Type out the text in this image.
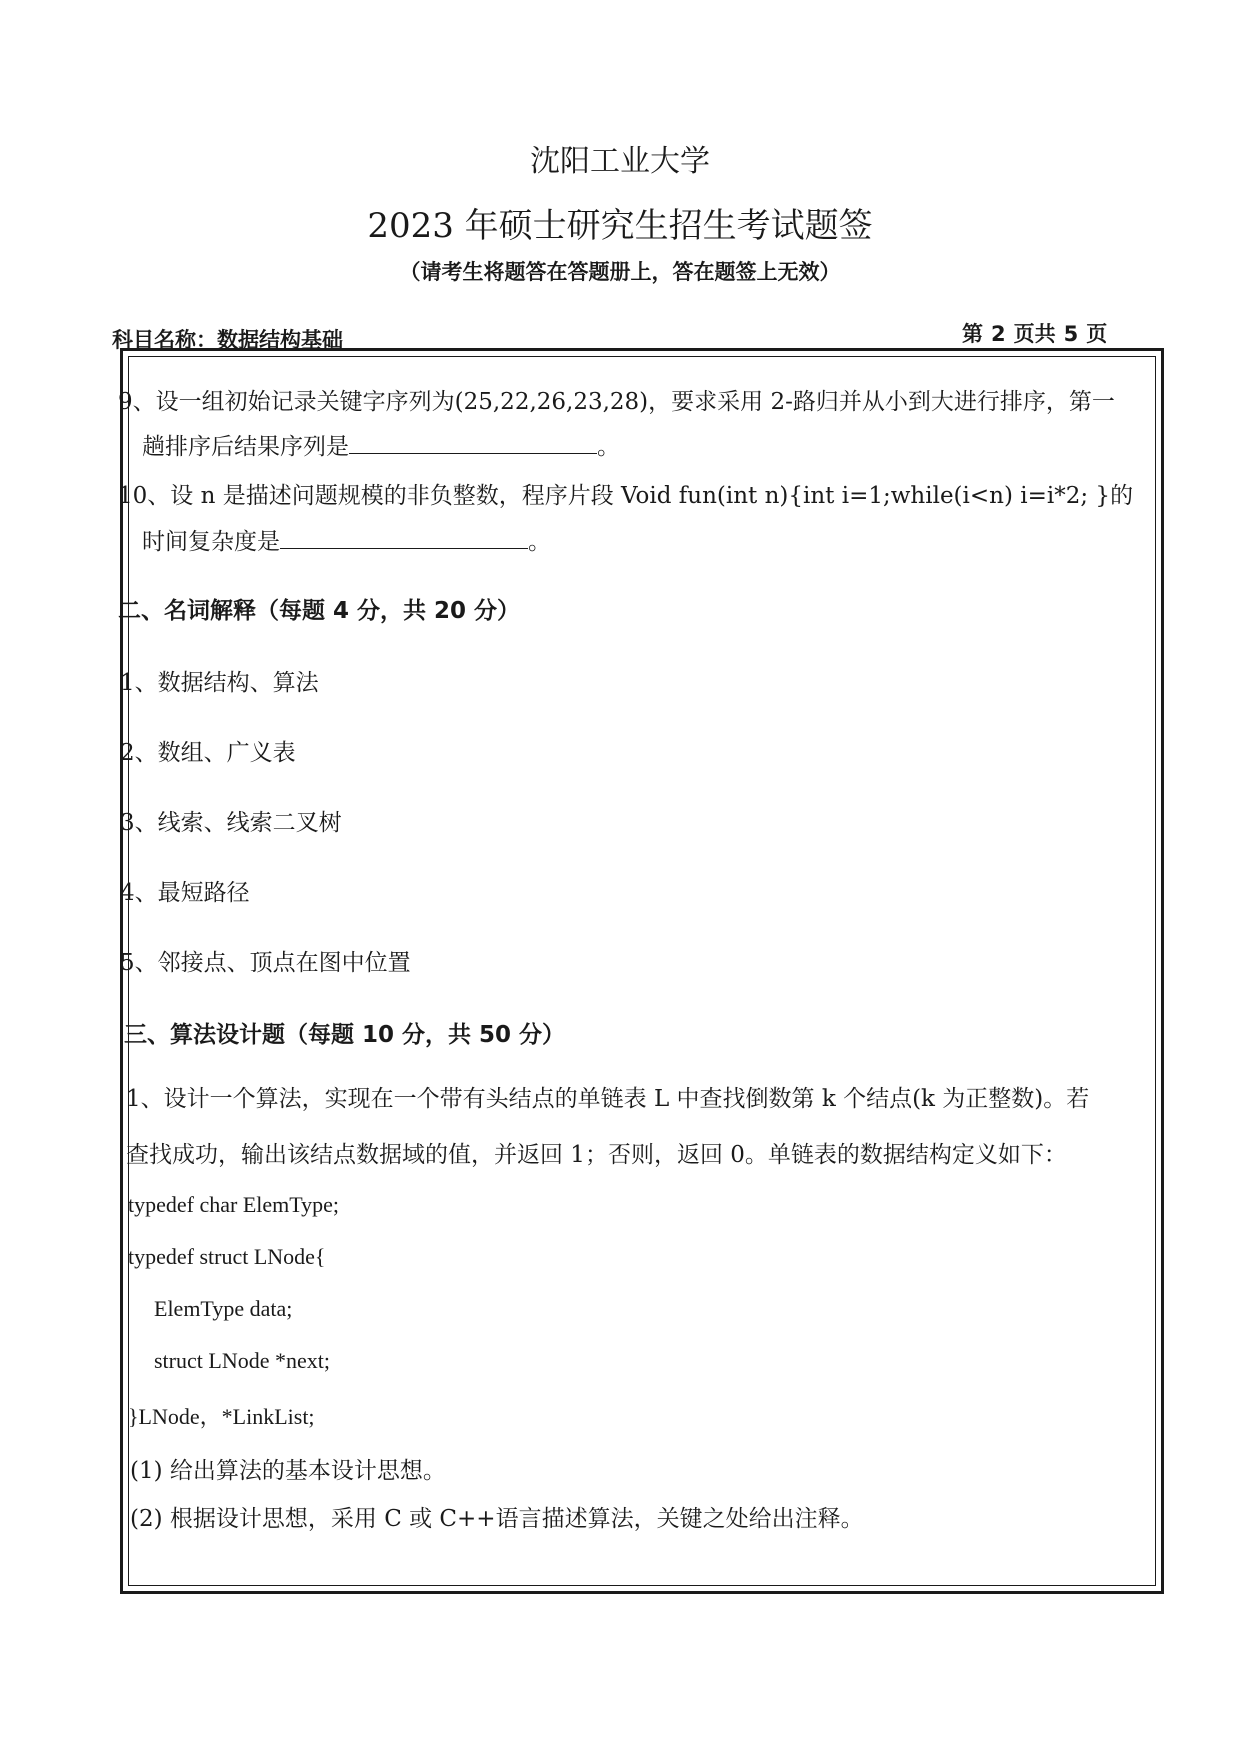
沈阳工业大学
2023 年硕士研究生招生考试题签
（请考生将题答在答题册上，答在题签上无效）
科目名称：数据结构基础	第 2 页共 5 页
9、设一组初始记录关键字序列为(25,22,26,23,28)，要求采用 2-路归并从小到大进行排序，第一
趟排序后结果序列是	。
10、设 n 是描述问题规模的非负整数，程序片段 Void fun(int n){int i=1;while(i<n) i=i*2; }的
时间复杂度是	。
二、名词解释（每题 4 分，共 20 分）
1、数据结构、算法
2、数组、广义表
3、线索、线索二叉树
4、最短路径
5、邻接点、顶点在图中位置
三、算法设计题（每题 10 分，共 50 分）
1、设计一个算法，实现在一个带有头结点的单链表 L 中查找倒数第 k 个结点(k 为正整数)。若
查找成功，输出该结点数据域的值，并返回 1；否则，返回 0。单链表的数据结构定义如下：
typedef char ElemType;
typedef struct LNode{
ElemType data;
struct LNode *next;
}LNode，*LinkList;
(1) 给出算法的基本设计思想。
(2) 根据设计思想，采用 C 或 C++语言描述算法，关键之处给出注释。
